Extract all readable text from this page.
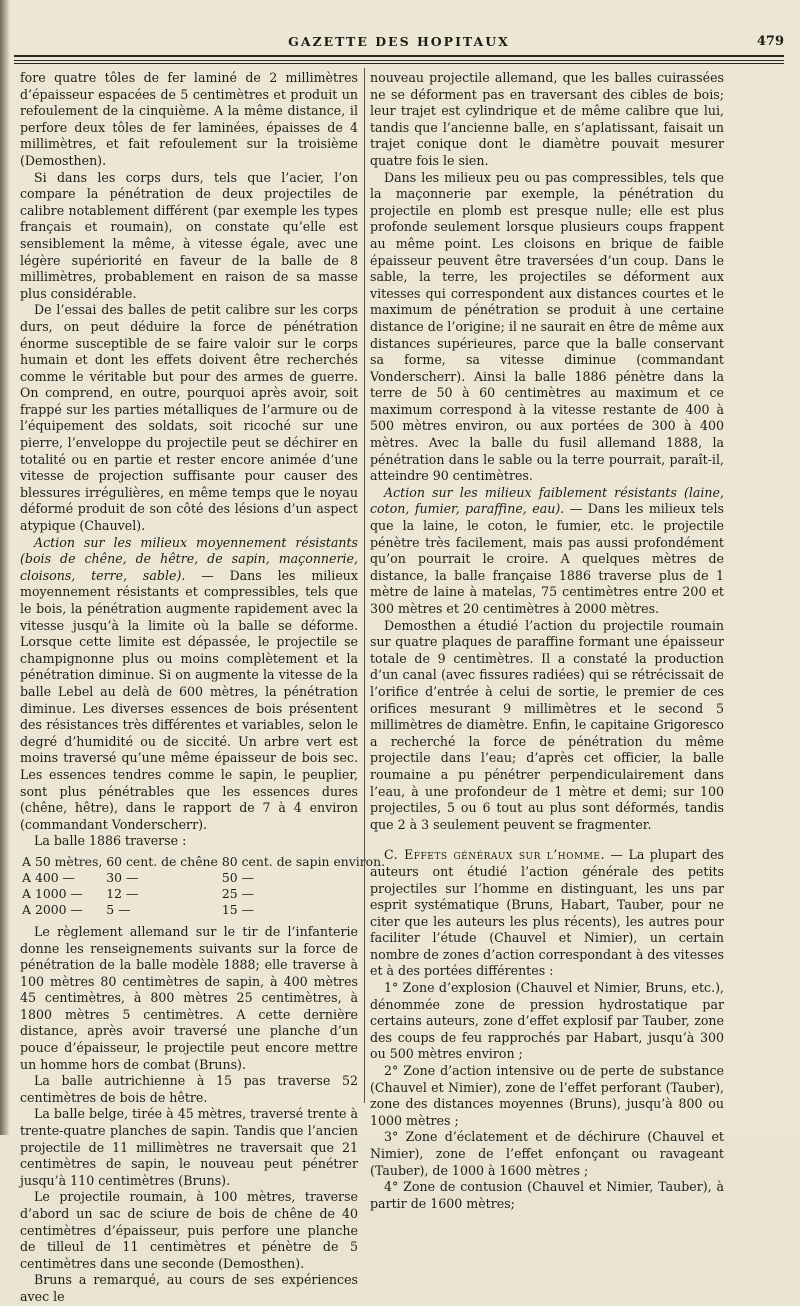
GAZETTE DES HOPITAUX	479

fore quatre tôles de fer laminé de 2 millimètres d’épaisseur espacées de 5 centimètres et produit un refoulement de la cinquième. A la même distance, il perfore deux tôles de fer laminées, épaisses de 4 millimètres, et fait refoulement sur la troisième (Demosthen).

Si dans les corps durs, tels que l’acier, l’on compare la pénétration de deux projectiles de calibre notablement différent (par exemple les types français et roumain), on constate qu’elle est sensiblement la même, à vitesse égale, avec une légère supériorité en faveur de la balle de 8 millimètres, probablement en raison de sa masse plus considérable.

De l’essai des balles de petit calibre sur les corps durs, on peut déduire la force de pénétration énorme susceptible de se faire valoir sur le corps humain et dont les effets doivent être recherchés comme le véritable but pour des armes de guerre. On comprend, en outre, pourquoi après avoir, soit frappé sur les parties métalliques de l’armure ou de l’équipement des soldats, soit ricoché sur une pierre, l’enveloppe du projectile peut se déchirer en totalité ou en partie et rester encore animée d’une vitesse de projection suffisante pour causer des blessures irrégulières, en même temps que le noyau déformé produit de son côté des lésions d’un aspect atypique (Chauvel).

Action sur les milieux moyennement résistants (bois de chêne, de hêtre, de sapin, maçonnerie, cloisons, terre, sable). — Dans les milieux moyennement résistants et compressibles, tels que le bois, la pénétration augmente rapidement avec la vitesse jusqu’à la limite où la balle se déforme. Lorsque cette limite est dépassée, le projectile se champignonne plus ou moins complètement et la pénétration diminue. Si on augmente la vitesse de la balle Lebel au delà de 600 mètres, la pénétration diminue. Les diverses essences de bois présentent des résistances très différentes et variables, selon le degré d’humidité ou de siccité. Un arbre vert est moins traversé qu’une même épaisseur de bois sec. Les essences tendres comme le sapin, le peuplier, sont plus pénétrables que les essences dures (chêne, hêtre), dans le rapport de 7 à 4 environ (commandant Vonderscherr).

La balle 1886 traverse :

A	50 mètres,	60 cent. de chêne	80 cent. de sapin environ.
A	400 —	30 —	50 —
A	1000 —	12 —	25 —
A	2000 —	5 —	15 —

Le règlement allemand sur le tir de l’infanterie donne les renseignements suivants sur la force de pénétration de la balle modèle 1888; elle traverse à 100 mètres 80 centimètres de sapin, à 400 mètres 45 centimètres, à 800 mètres 25 centimètres, à 1800 mètres 5 centimètres. A cette dernière distance, après avoir traversé une planche d’un pouce d’épaisseur, le projectile peut encore mettre un homme hors de combat (Bruns).

La balle autrichienne à 15 pas traverse 52 centimètres de bois de hêtre.

La balle belge, tirée à 45 mètres, traversé trente à trente-quatre planches de sapin. Tandis que l’ancien projectile de 11 millimètres ne traversait que 21 centimètres de sapin, le nouveau peut pénétrer jusqu’à 110 centimètres (Bruns).

Le projectile roumain, à 100 mètres, traverse d’abord un sac de sciure de bois de chêne de 40 centimètres d’épaisseur, puis perfore une planche de tilleul de 11 centimètres et pénètre de 5 centimètres dans une seconde (Demosthen).

Bruns a remarqué, au cours de ses expériences avec le

nouveau projectile allemand, que les balles cuirassées ne se déforment pas en traversant des cibles de bois; leur trajet est cylindrique et de même calibre que lui, tandis que l’ancienne balle, en s’aplatissant, faisait un trajet conique dont le diamètre pouvait mesurer quatre fois le sien.

Dans les milieux peu ou pas compressibles, tels que la maçonnerie par exemple, la pénétration du projectile en plomb est presque nulle; elle est plus profonde seulement lorsque plusieurs coups frappent au même point. Les cloisons en brique de faible épaisseur peuvent être traversées d’un coup. Dans le sable, la terre, les projectiles se déforment aux vitesses qui correspondent aux distances courtes et le maximum de pénétration se produit à une certaine distance de l’origine; il ne saurait en être de même aux distances supérieures, parce que la balle conservant sa forme, sa vitesse diminue (commandant Vonderscherr). Ainsi la balle 1886 pénètre dans la terre de 50 à 60 centimètres au maximum et ce maximum correspond à la vitesse restante de 400 à 500 mètres environ, ou aux portées de 300 à 400 mètres. Avec la balle du fusil allemand 1888, la pénétration dans le sable ou la terre pourrait, paraît-il, atteindre 90 centimètres.

Action sur les milieux faiblement résistants (laine, coton, fumier, paraffine, eau). — Dans les milieux tels que la laine, le coton, le fumier, etc. le projectile pénètre très facilement, mais pas aussi profondément qu’on pourrait le croire. A quelques mètres de distance, la balle française 1886 traverse plus de 1 mètre de laine à matelas, 75 centimètres entre 200 et 300 mètres et 20 centimètres à 2000 mètres.

Demosthen a étudié l’action du projectile roumain sur quatre plaques de paraffine formant une épaisseur totale de 9 centimètres. Il a constaté la production d’un canal (avec fissures radiées) qui se rétrécissait de l’orifice d’entrée à celui de sortie, le premier de ces orifices mesurant 9 millimètres et le second 5 millimètres de diamètre. Enfin, le capitaine Grigoresco a recherché la force de pénétration du même projectile dans l’eau; d’après cet officier, la balle roumaine a pu pénétrer perpendiculairement dans l’eau, à une profondeur de 1 mètre et demi; sur 100 projectiles, 5 ou 6 tout au plus sont déformés, tandis que 2 à 3 seulement peuvent se fragmenter.

C. Effets généraux sur l’homme. — La plupart des auteurs ont étudié l’action générale des petits projectiles sur l’homme en distinguant, les uns par esprit systématique (Bruns, Habart, Tauber, pour ne citer que les auteurs les plus récents), les autres pour faciliter l’étude (Chauvel et Nimier), un certain nombre de zones d’action correspondant à des vitesses et à des portées différentes :

1° Zone d’explosion (Chauvel et Nimier, Bruns, etc.), dénommée zone de pression hydrostatique par certains auteurs, zone d’effet explosif par Tauber, zone des coups de feu rapprochés par Habart, jusqu’à 300 ou 500 mètres environ ;

2° Zone d’action intensive ou de perte de substance (Chauvel et Nimier), zone de l’effet perforant (Tauber), zone des distances moyennes (Bruns), jusqu’à 800 ou 1000 mètres ;

3° Zone d’éclatement et de déchirure (Chauvel et Nimier), zone de l’effet enfonçant ou ravageant (Tauber), de 1000 à 1600 mètres ;

4° Zone de contusion (Chauvel et Nimier, Tauber), à partir de 1600 mètres;
